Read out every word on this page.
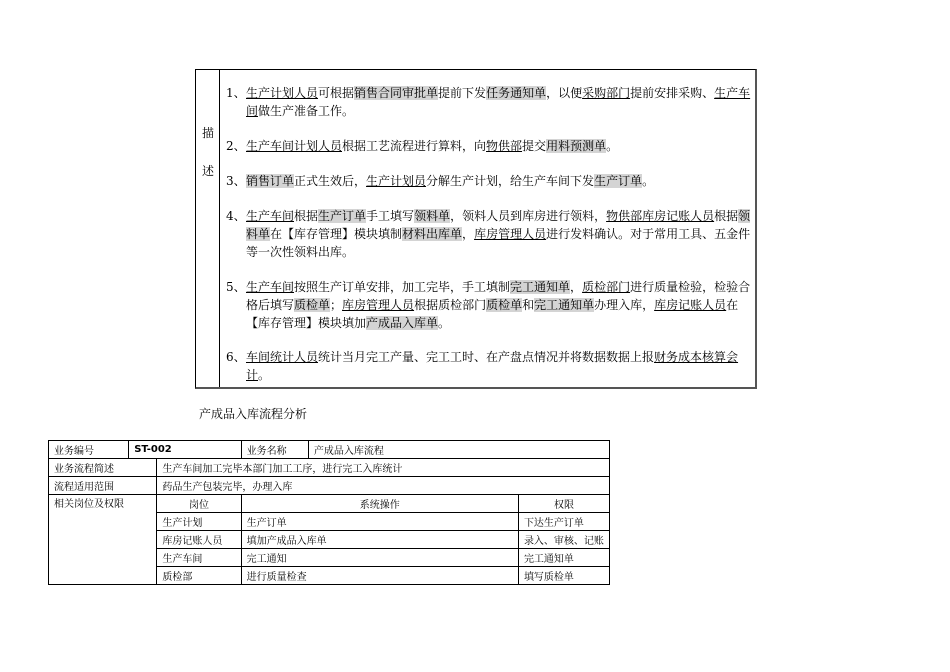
描
述
1、 生产计划人员可根据销售合同审批单提前下发任务通知单，以便采购部门提前安排采购、生产车间做生产准备工作。
2、 生产车间计划人员根据工艺流程进行算料，向物供部提交用料预测单。
3、 销售订单正式生效后，生产计划员分解生产计划，给生产车间下发生产订单。
4、 生产车间根据生产订单手工填写领料单，领料人员到库房进行领料，物供部库房记账人员根据领料单在【库存管理】模块填制材料出库单，库房管理人员进行发料确认。对于常用工具、五金件等一次性领料出库。
5、 生产车间按照生产订单安排，加工完毕，手工填制完工通知单，质检部门进行质量检验，检验合格后填写质检单；库房管理人员根据质检部门质检单和完工通知单办理入库，库房记账人员在【库存管理】模块填加产成品入库单。
6、 车间统计人员统计当月完工产量、完工工时、在产盘点情况并将数据数据上报财务成本核算会计。
产成品入库流程分析
业务编号	ST-002		业务名称	产成品入库流程	
业务流程简述		生产车间加工完毕本部门加工工序，进行完工入库统计			
流程适用范围		药品生产包装完毕，办理入库			
相关岗位及权限		岗位	系统操作		权限
		生产计划	生产订单		下达生产订单
		库房记账人员	填加产成品入库单		录入、审核、记账
		生产车间	完工通知		完工通知单
		质检部	进行质量检查		填写质检单
